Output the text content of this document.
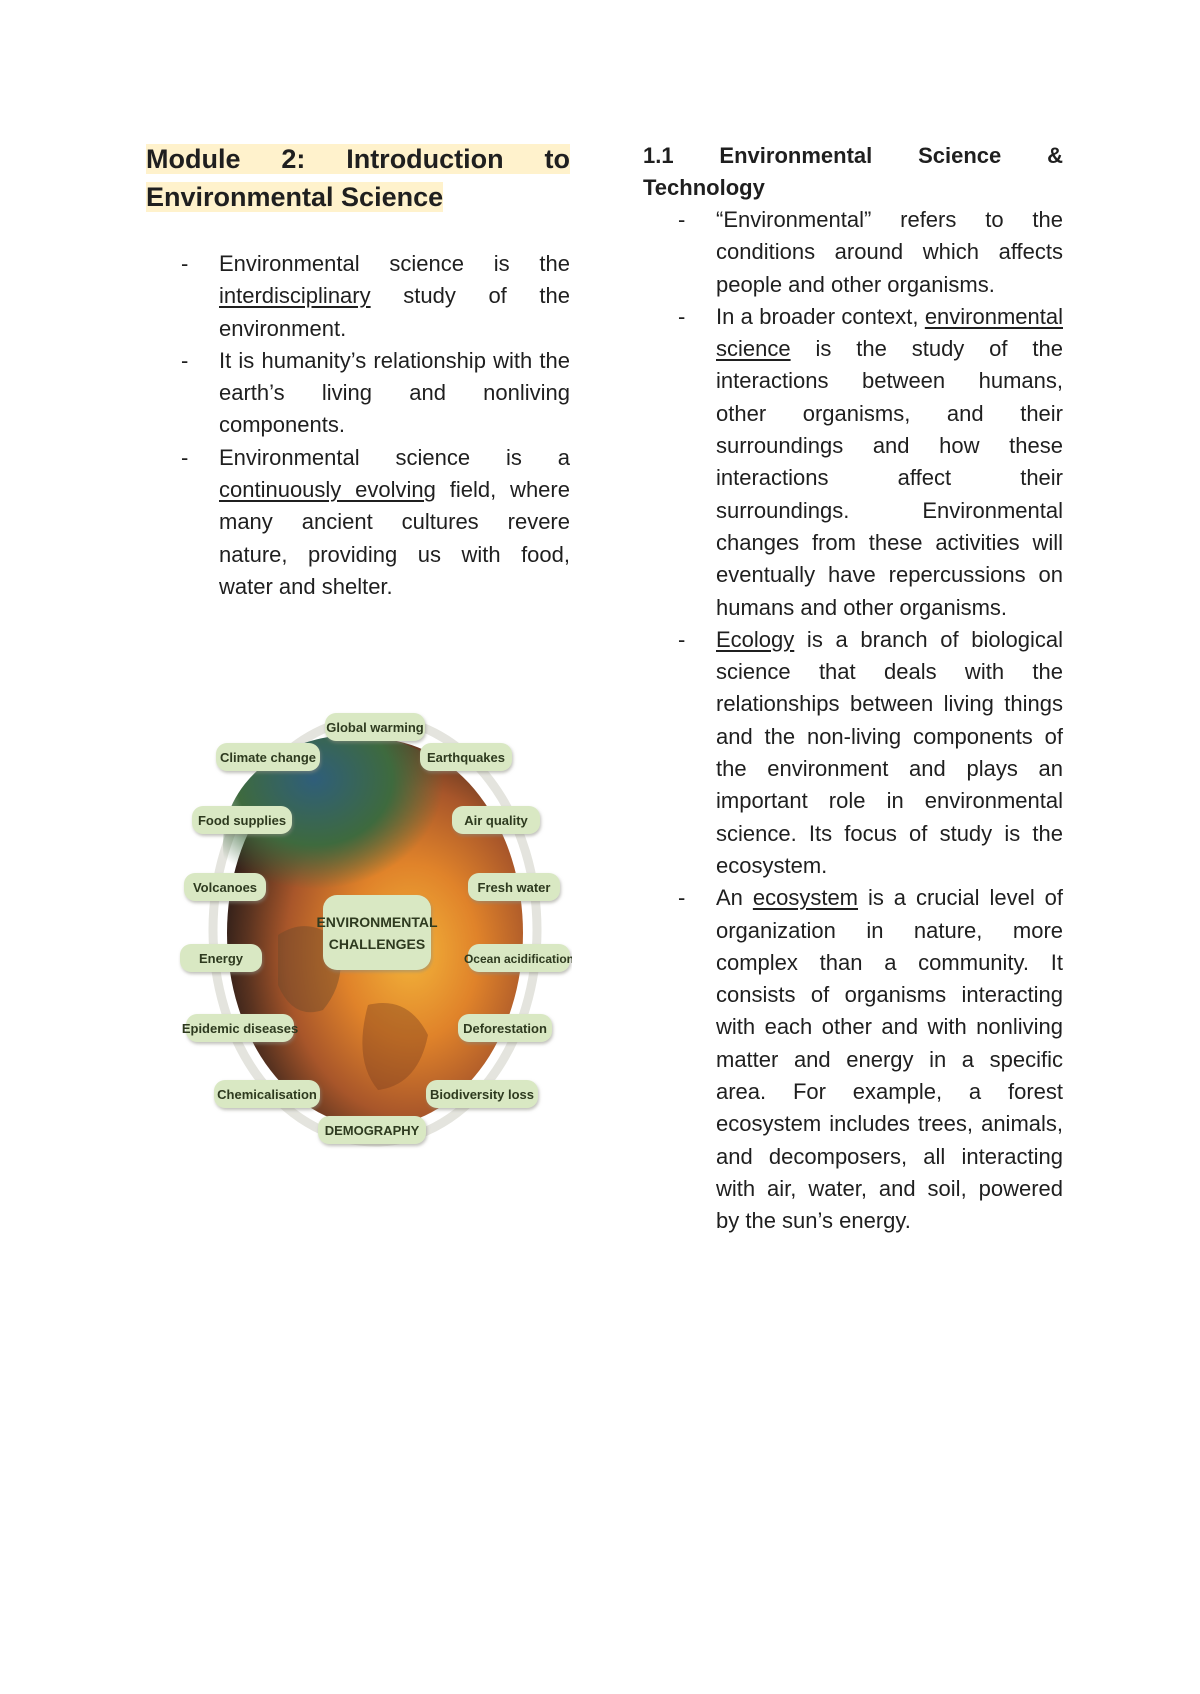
Module 2: Introduction to Environmental Science
- Environmental science is the interdisciplinary study of the environment.
- It is humanity’s relationship with the earth’s living and nonliving components.
- Environmental science is a continuously evolving field, where many ancient cultures revere nature, providing us with food, water and shelter.
ENVIRONMENTAL
CHALLENGES
Global warming
Climate change	Earthquakes
Food supplies	Air quality
Volcanoes	Fresh water
Energy	Ocean acidification
Epidemic diseases	Deforestation
Chemicalisation	Biodiversity loss
DEMOGRAPHY
1.1 Environmental Science & Technology
- “Environmental” refers to the conditions around which affects people and other organisms.
- In a broader context, environmental science is the study of the interactions between humans, other organisms, and their surroundings and how these interactions affect their surroundings. Environmental changes from these activities will eventually have repercussions on humans and other organisms.
- Ecology is a branch of biological science that deals with the relationships between living things and the non-living components of the environment and plays an important role in environmental science. Its focus of study is the ecosystem.
- An ecosystem is a crucial level of organization in nature, more complex than a community. It consists of organisms interacting with each other and with nonliving matter and energy in a specific area. For example, a forest ecosystem includes trees, animals, and decomposers, all interacting with air, water, and soil, powered by the sun’s energy.
